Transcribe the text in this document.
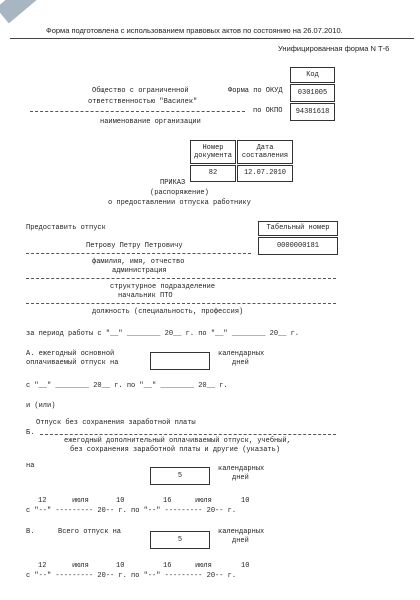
Форма подготовлена с использованием правовых актов по состоянию на 26.07.2010.
Унифицированная форма N Т-6
Код
0301005
94381618
Общество с ограниченной
ответственностью "Василек"
Форма по ОКУД
по ОКПО
наименование организации
Номер
документа
Дата
составления
82	12.07.2010
ПРИКАЗ
(распоряжение)
о предоставлении отпуска работнику
Предоставить отпуск	Табельный номер
0000000181
Петрову Петру Петровичу
фамилия, имя, отчество
администрация
структурное подразделение
начальник ПТО
должность (специальность, профессия)
за период работы с "__" ________ 20__ г. по "__" ________ 20__ г.
А. ежегодный основной
оплачиваемый отпуск на
календарных
дней
с "__" ________ 20__ г. по "__" ________ 20__ г.
и (или)
Отпуск без сохранения заработной платы
Б.
ежегодный дополнительный оплачиваемый отпуск, учебный,
без сохранения заработной платы и другие (указать)
на
5
календарных
дней
12	июля	10	16	июля	10
с "--" --------- 20-- г. по "--" --------- 20-- г.
В.	Всего отпуск на
5
календарных
дней
12	июля	10	16	июля	10
с "--" --------- 20-- г. по "--" --------- 20-- г.
